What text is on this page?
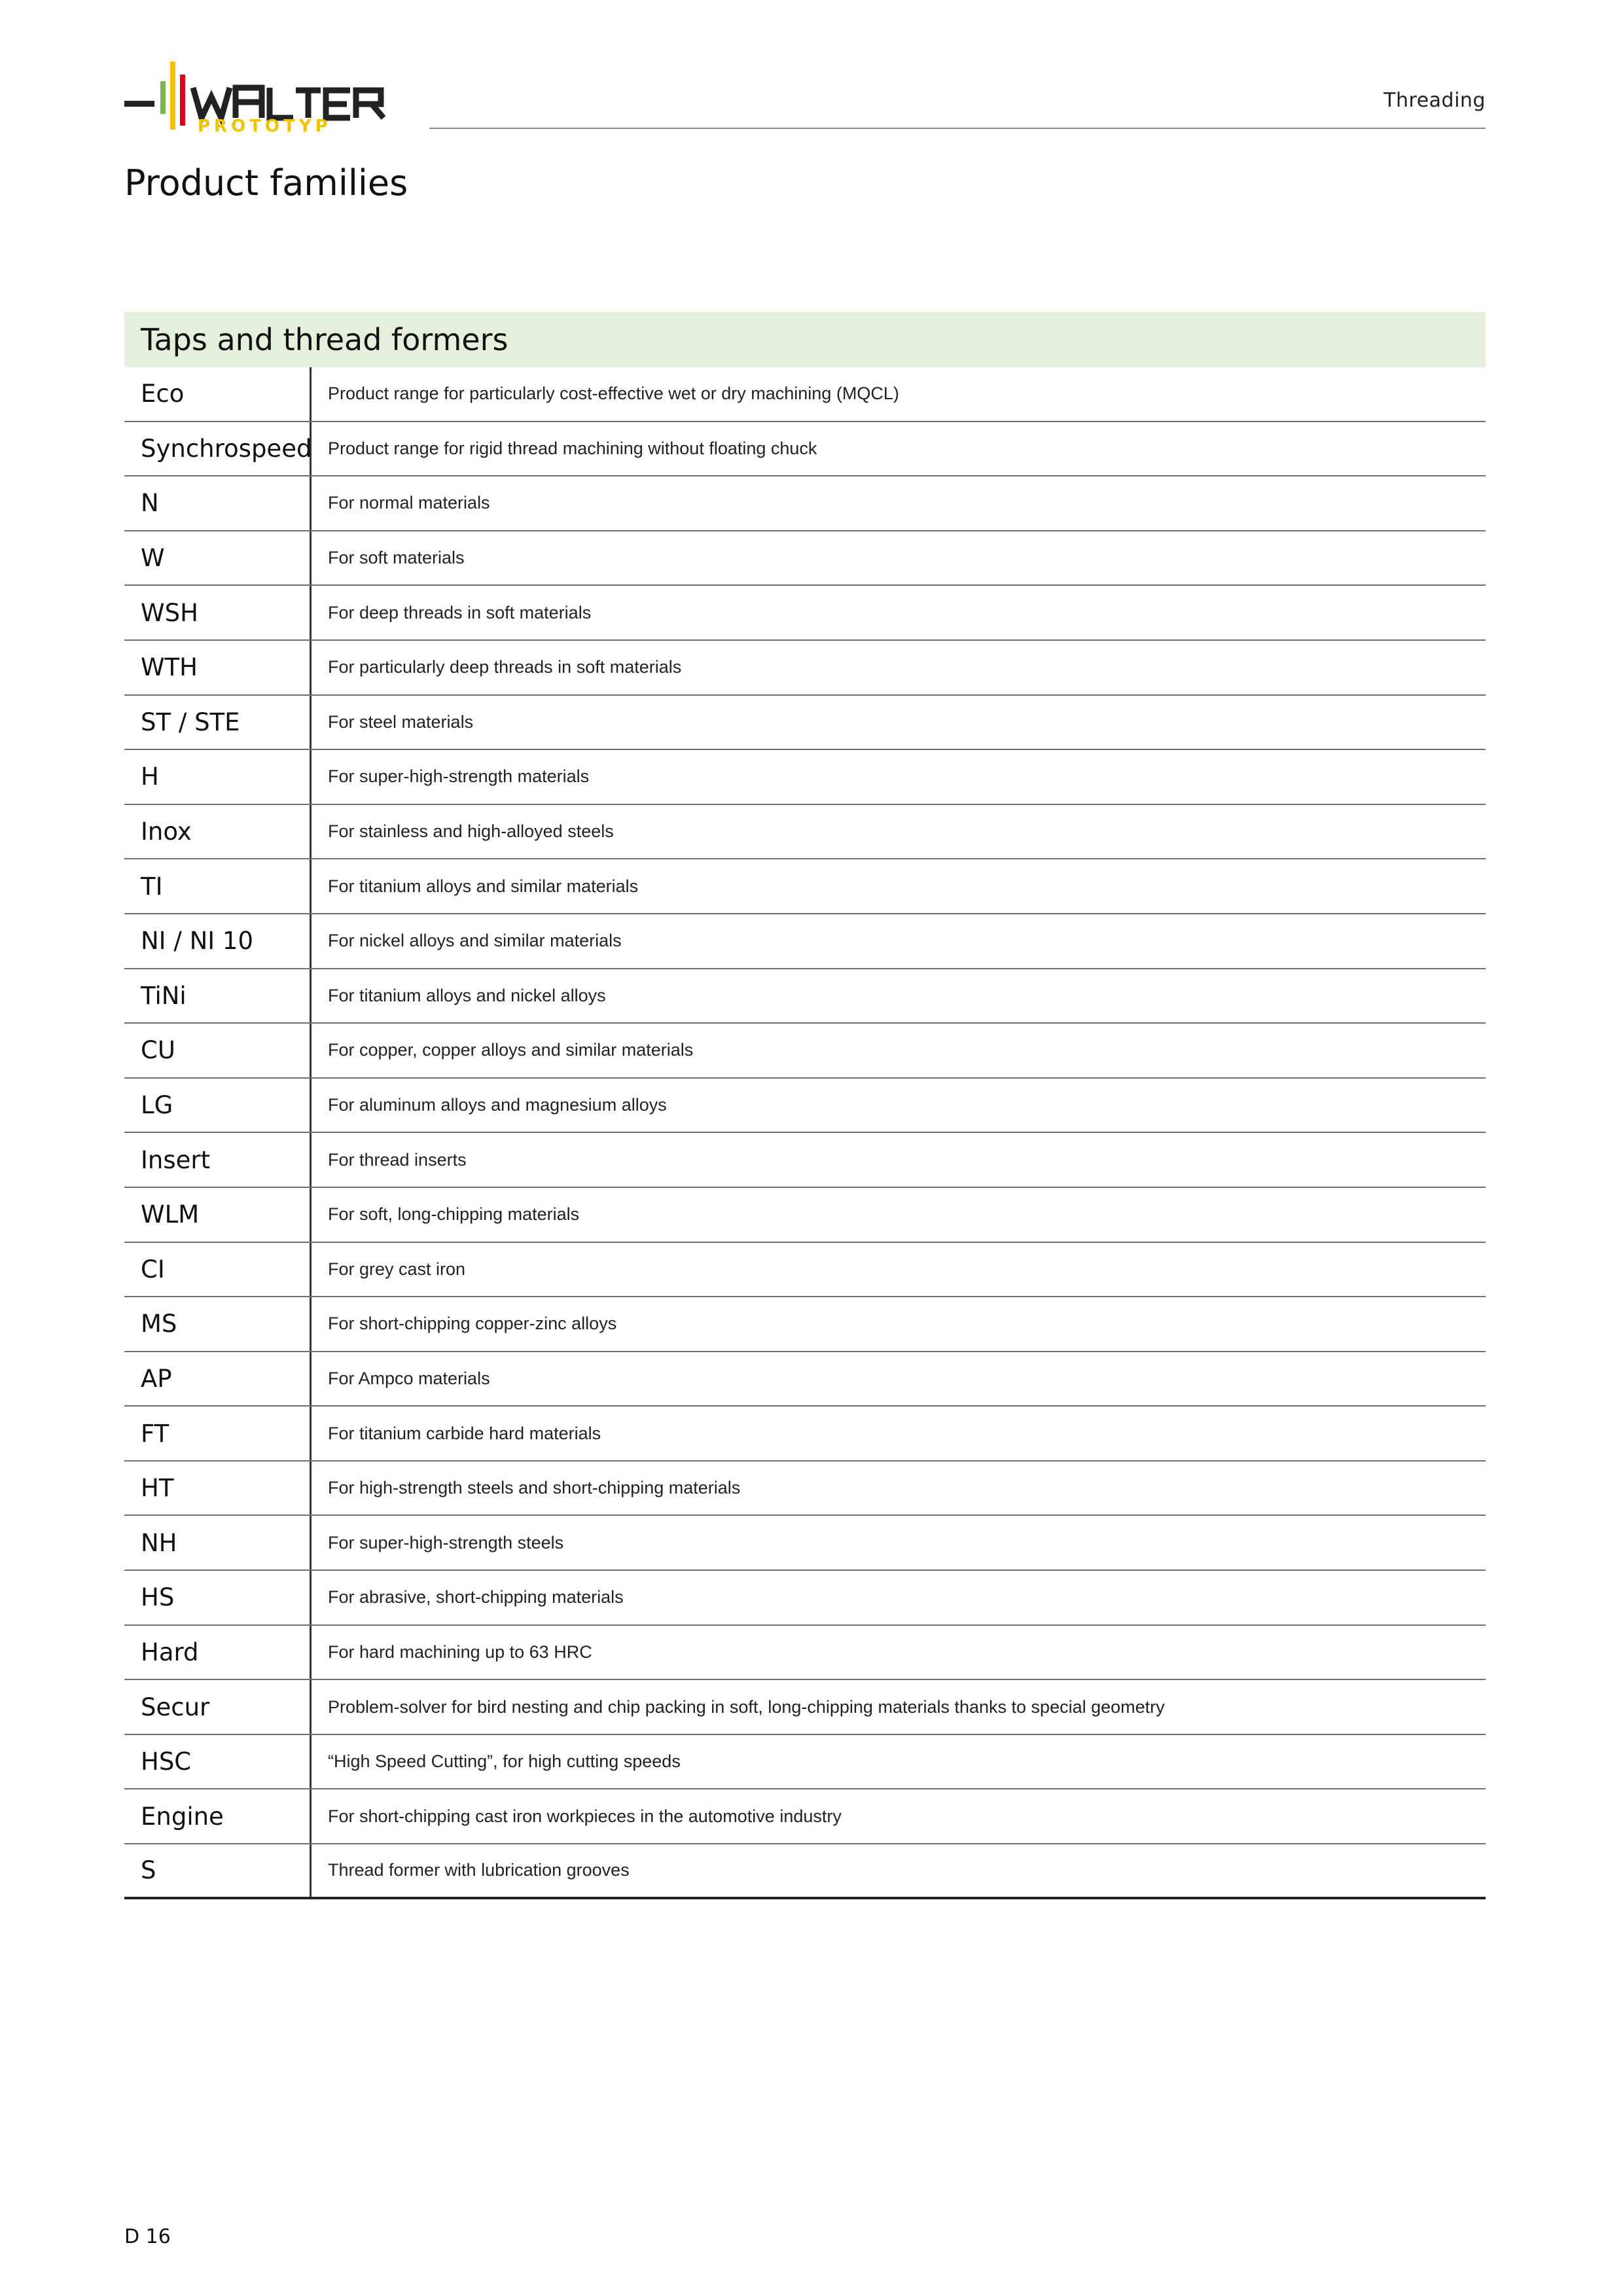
PROTOTYP
Threading
Product families
Taps and thread formers
Eco	Product range for particularly cost-effective wet or dry machining (MQCL)
Synchrospeed Product range for rigid thread machining without floating chuck
N	For normal materials
W	For soft materials
WSH	For deep threads in soft materials
WTH	For particularly deep threads in soft materials
ST / STE	For steel materials
H	For super-high-strength materials
Inox	For stainless and high-alloyed steels
TI	For titanium alloys and similar materials
NI / NI 10	For nickel alloys and similar materials
TiNi	For titanium alloys and nickel alloys
CU	For copper, copper alloys and similar materials
LG	For aluminum alloys and magnesium alloys
Insert	For thread inserts
WLM	For soft, long-chipping materials
CI	For grey cast iron
MS	For short-chipping copper-zinc alloys
AP	For Ampco materials
FT	For titanium carbide hard materials
HT	For high-strength steels and short-chipping materials
NH	For super-high-strength steels
HS	For abrasive, short-chipping materials
Hard	For hard machining up to 63 HRC
Secur	Problem-solver for bird nesting and chip packing in soft, long-chipping materials thanks to special geometry
HSC	“High Speed Cutting”, for high cutting speeds
Engine	For short-chipping cast iron workpieces in the automotive industry
S	Thread former with lubrication grooves
D 16
